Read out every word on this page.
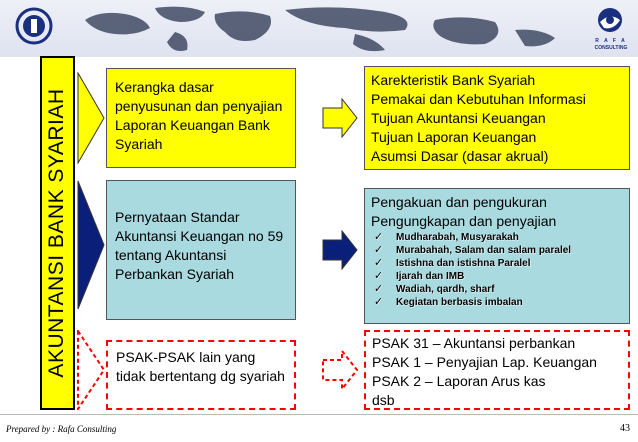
R A F A
CONSULTING
AKUNTANSI BANK SYARIAH
Kerangka dasar penyusunan dan penyajian Laporan Keuangan Bank Syariah
Karekteristik Bank Syariah
Pemakai dan Kebutuhan Informasi
Tujuan Akuntansi Keuangan
Tujuan Laporan Keuangan
Asumsi Dasar (dasar akrual)
Pernyataan Standar Akuntansi Keuangan no 59 tentang Akuntansi Perbankan Syariah
Pengakuan dan pengukuran
Pengungkapan dan penyajian
✓ Mudharabah, Musyarakah
✓ Murabahah, Salam dan salam paralel
✓ Istishna dan istishna Paralel
✓ Ijarah dan IMB
✓ Wadiah, qardh, sharf
✓ Kegiatan berbasis imbalan
PSAK-PSAK lain yang tidak bertentang dg syariah
PSAK 31 – Akuntansi perbankan
PSAK 1 – Penyajian Lap. Keuangan
PSAK 2 – Laporan Arus kas
dsb
Prepared by : Rafa Consulting	43
